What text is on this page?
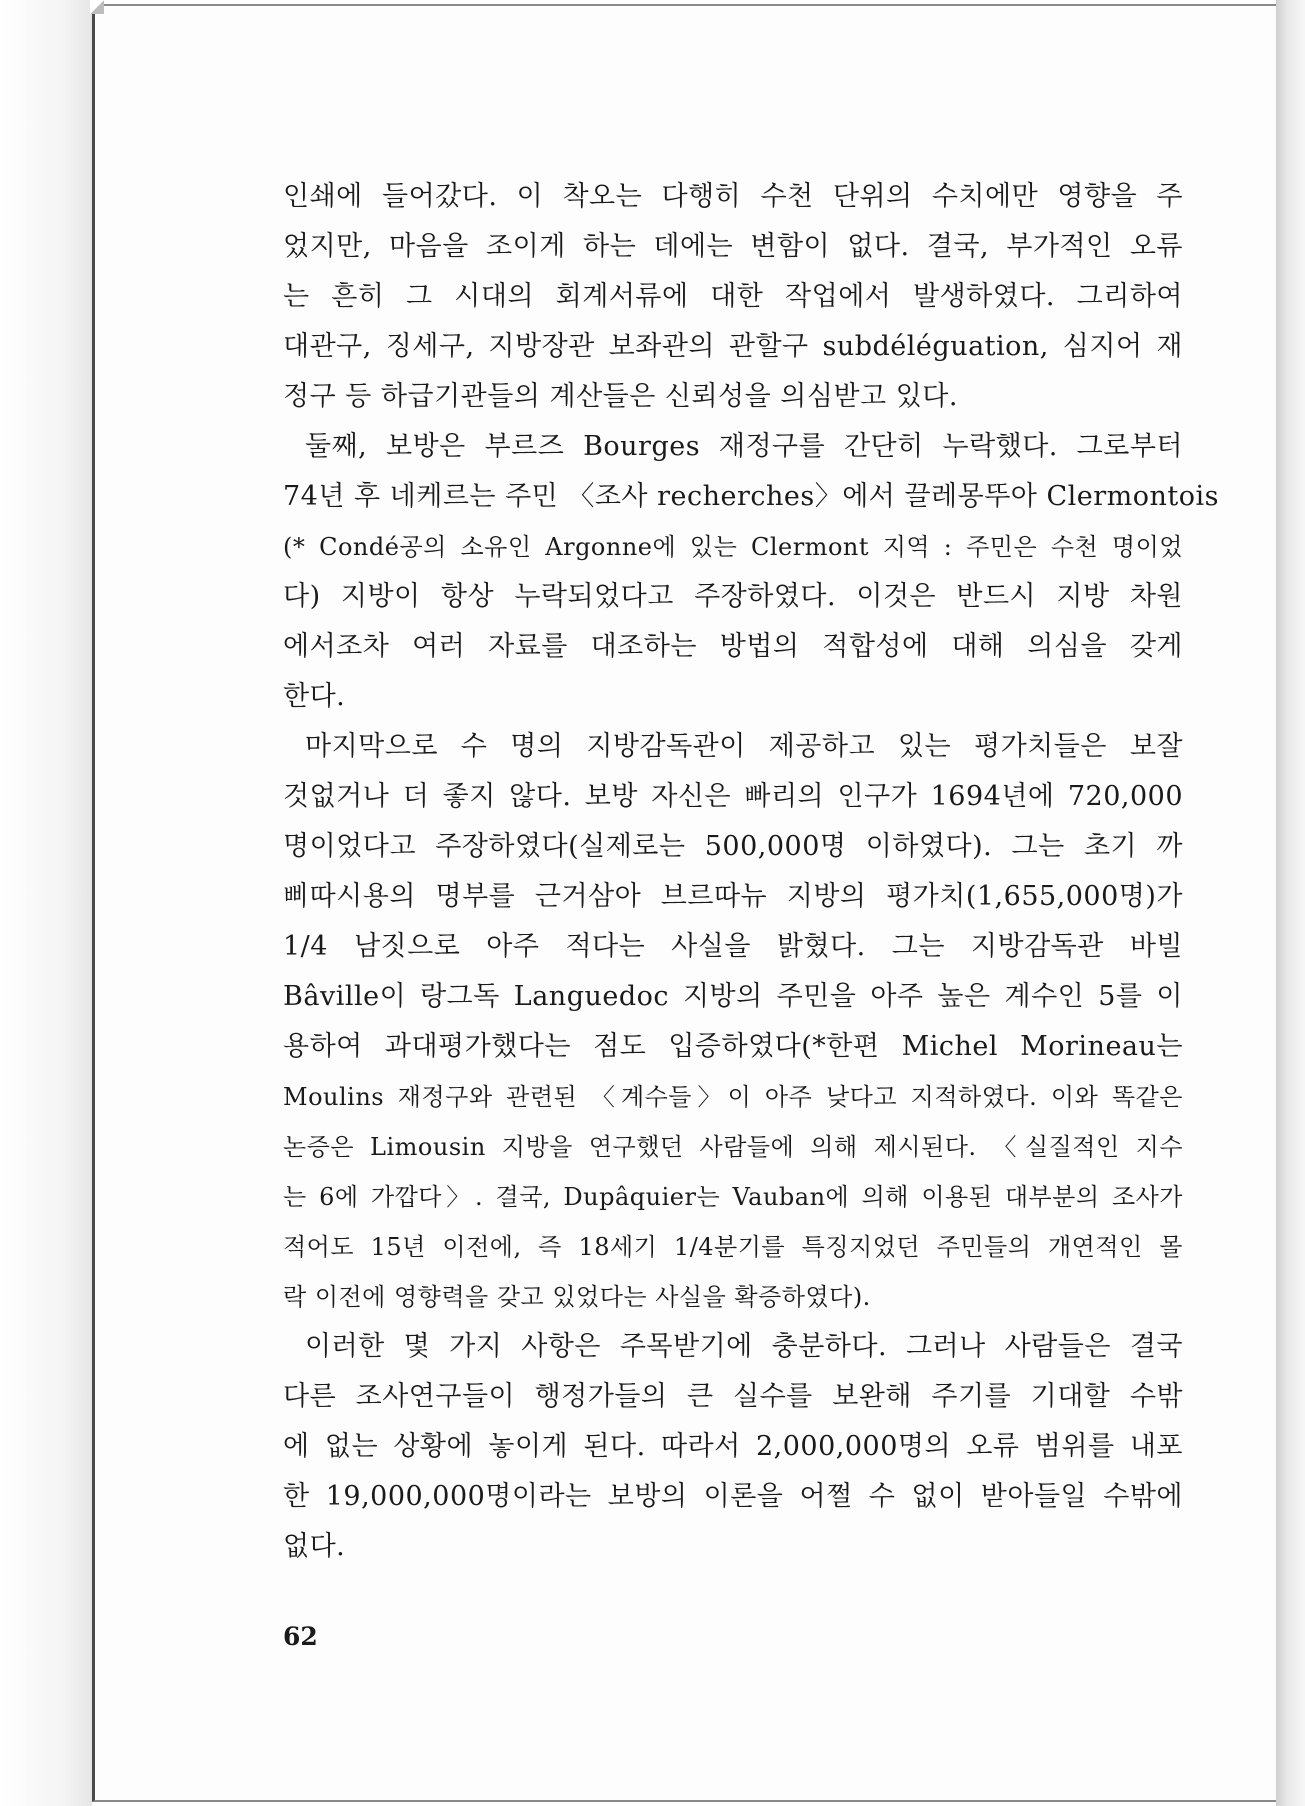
인쇄에 들어갔다. 이 착오는 다행히 수천 단위의 수치에만 영향을 주
었지만, 마음을 조이게 하는 데에는 변함이 없다. 결국, 부가적인 오류
는 흔히 그 시대의 회계서류에 대한 작업에서 발생하였다. 그리하여
대관구, 징세구, 지방장관 보좌관의 관할구 subdéléguation, 심지어 재
정구 등 하급기관들의 계산들은 신뢰성을 의심받고 있다.
둘째, 보방은 부르즈 Bourges 재정구를 간단히 누락했다. 그로부터
74년 후 네케르는 주민 〈조사 recherches〉에서 끌레몽뚜아 Clermontois
(* Condé공의 소유인 Argonne에 있는 Clermont 지역 : 주민은 수천 명이었
다) 지방이 항상 누락되었다고 주장하였다. 이것은 반드시 지방 차원
에서조차 여러 자료를 대조하는 방법의 적합성에 대해 의심을 갖게
한다.
마지막으로 수 명의 지방감독관이 제공하고 있는 평가치들은 보잘
것없거나 더 좋지 않다. 보방 자신은 빠리의 인구가 1694년에 720,000
명이었다고 주장하였다(실제로는 500,000명 이하였다). 그는 초기 까
삐따시용의 명부를 근거삼아 브르따뉴 지방의 평가치(1,655,000명)가
1/4 남짓으로 아주 적다는 사실을 밝혔다. 그는 지방감독관 바빌
Bâville이 랑그독 Languedoc 지방의 주민을 아주 높은 계수인 5를 이
용하여 과대평가했다는 점도 입증하였다(*한편 Michel Morineau는
Moulins 재정구와 관련된 〈계수들〉이 아주 낮다고 지적하였다. 이와 똑같은
논증은 Limousin 지방을 연구했던 사람들에 의해 제시된다. 〈실질적인 지수
는 6에 가깝다〉. 결국, Dupâquier는 Vauban에 의해 이용된 대부분의 조사가
적어도 15년 이전에, 즉 18세기 1/4분기를 특징지었던 주민들의 개연적인 몰
락 이전에 영향력을 갖고 있었다는 사실을 확증하였다).
이러한 몇 가지 사항은 주목받기에 충분하다. 그러나 사람들은 결국
다른 조사연구들이 행정가들의 큰 실수를 보완해 주기를 기대할 수밖
에 없는 상황에 놓이게 된다. 따라서 2,000,000명의 오류 범위를 내포
한 19,000,000명이라는 보방의 이론을 어쩔 수 없이 받아들일 수밖에
없다.
62
